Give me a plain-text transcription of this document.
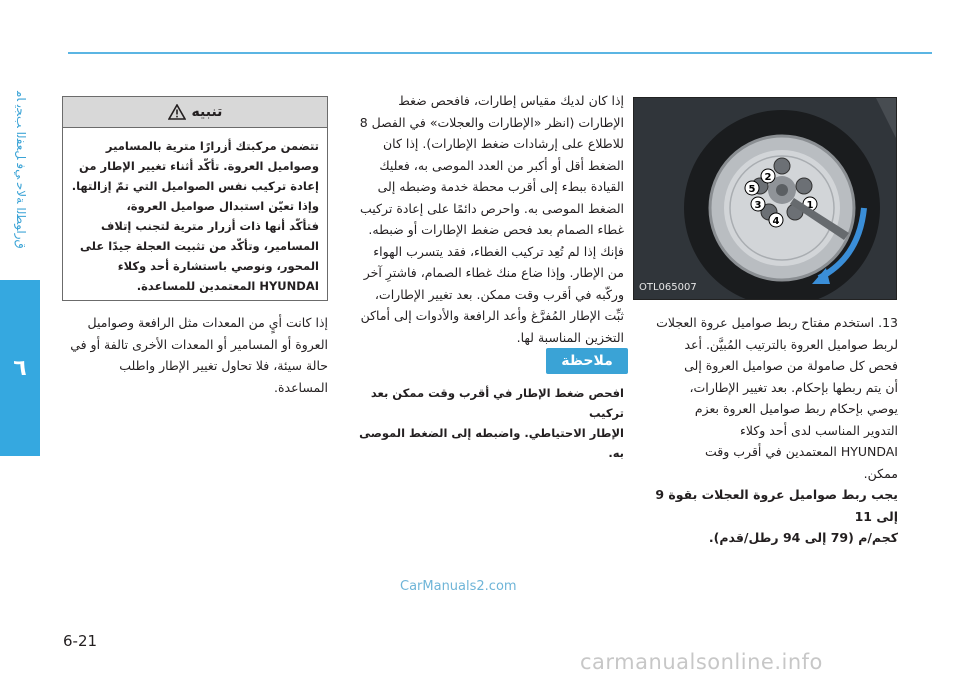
ﻕﺭﺍﻮﻄﻟﺍ ﺔﻟﺎﺣ ﻲﻓ ﻞﻌﻔﻟﺍ ﺐﺠﻳ ﺎﻣ
٦
2
5
3
4
1
OTL065007

13. ﺍﺳﺘﺨﺪﻡ ﻣﻔﺘﺎﺡ ﺭﺑﻂ ﺻﻮﺍﻣﻴﻞ ﻋﺮﻭﺓ ﺍﻟﻌﺠﻼﺕ

ﻟﺮﺑﻂ ﺻﻮﺍﻣﻴﻞ ﺍﻟﻌﺮﻭﺓ ﺑﺎﻟﺘﺮﺗﻴﺐ ﺍﻟﻤُﺒﻴَّﻦ. ﺃﻋﺪ

ﻓﺤﺺ ﻛﻞ ﺻﺎﻣﻮﻟﺔ ﻣﻦ ﺻﻮﺍﻣﻴﻞ ﺍﻟﻌﺮﻭﺓ ﺇﻟﻰ

ﺃﻥ ﻳﺘﻢ ﺭﺑﻄﻬﺎ ﺑﺈﺣﻜﺎﻡ. ﺑﻌﺪ ﺗﻐﻴﻴﺮ ﺍﻹﻃﺎﺭﺍﺕ،

ﻳﻮﺻﻲ ﺑﺈﺣﻜﺎﻡ ﺭﺑﻂ ﺻﻮﺍﻣﻴﻞ ﺍﻟﻌﺮﻭﺓ ﺑﻌﺰﻡ

ﺍﻟﺘﺪﻭﻳﺮ ﺍﻟﻤﻨﺎﺳﺐ ﻟﺪﻯ ﺃﺣﺪ ﻭﻛﻼﺀ

HYUNDAI ﺍﻟﻤﻌﺘﻤﺪﻳﻦ ﻓﻲ ﺃﻗﺮﺏ ﻭﻗﺖ

ﻣﻤﻜﻦ.

ﻳﺠﺐ ﺭﺑﻂ ﺻﻮﺍﻣﻴﻞ ﻋﺮﻭﺓ ﺍﻟﻌﺠﻼﺕ ﺑﻘﻮﺓ 9 ﺇﻟﻰ 11

ﻛﺠﻢ/ﻡ (79 ﺇﻟﻰ 94 ﺭﻃﻞ/ﻗﺪﻡ).

ﺇﺫﺍ ﻛﺎﻥ ﻟﺪﻳﻚ ﻣﻘﻴﺎﺱ ﺇﻃﺎﺭﺍﺕ، ﻓﺎﻓﺤﺺ ﺿﻐﻂ

ﺍﻹﻃﺎﺭﺍﺕ (ﺍﻧﻈﺮ «ﺍﻹﻃﺎﺭﺍﺕ ﻭﺍﻟﻌﺠﻼﺕ» ﻓﻲ ﺍﻟﻔﺼﻞ 8

ﻟﻼﻃﻼﻉ ﻋﻠﻰ ﺇﺭﺷﺎﺩﺍﺕ ﺿﻐﻂ ﺍﻹﻃﺎﺭﺍﺕ). ﺇﺫﺍ ﻛﺎﻥ

ﺍﻟﻀﻐﻂ ﺃﻗﻞ ﺃﻭ ﺃﻛﺒﺮ ﻣﻦ ﺍﻟﻌﺪﺩ ﺍﻟﻤﻮﺻﻰ ﺑﻪ، ﻓﻌﻠﻴﻚ

ﺍﻟﻘﻴﺎﺩﺓ ﺑﺒﻂﺀ ﺇﻟﻰ ﺃﻗﺮﺏ ﻣﺤﻄﺔ ﺧﺪﻣﺔ ﻭﺿﺒﻄﻪ ﺇﻟﻰ

ﺍﻟﻀﻐﻂ ﺍﻟﻤﻮﺻﻰ ﺑﻪ. ﻭﺍﺣﺮﺹ ﺩﺍﺋﻤًﺎ ﻋﻠﻰ ﺇﻋﺎﺩﺓ ﺗﺮﻛﻴﺐ

ﻏﻄﺎﺀ ﺍﻟﺼﻤﺎﻡ ﺑﻌﺪ ﻓﺤﺺ ﺿﻐﻂ ﺍﻹﻃﺎﺭﺍﺕ ﺃﻭ ﺿﺒﻄﻪ.

ﻓﺈﻧﻚ ﺇﺫﺍ ﻟﻢ ﺗُﻌِﺪ ﺗﺮﻛﻴﺐ ﺍﻟﻐﻄﺎﺀ، ﻓﻘﺪ ﻳﺘﺴﺮﺏ ﺍﻟﻬﻮﺍﺀ

ﻣﻦ ﺍﻹﻃﺎﺭ. ﻭﺇﺫﺍ ﺿﺎﻉ ﻣﻨﻚ ﻏﻄﺎﺀ ﺍﻟﺼﻤﺎﻡ، ﻓﺎﺷﺘﺮِ ﺁﺧﺮ

ﻭﺭﻛّﺒﻪ ﻓﻲ ﺃﻗﺮﺏ ﻭﻗﺖ ﻣﻤﻜﻦ. ﺑﻌﺪ ﺗﻐﻴﻴﺮ ﺍﻹﻃﺎﺭﺍﺕ،

ﺛﺒِّﺖ ﺍﻹﻃﺎﺭ ﺍﻟﻤُﻔﺮَّﻍ ﻭﺃﻋﺪ ﺍﻟﺮﺍﻓﻌﺔ ﻭﺍﻷﺩﻭﺍﺕ ﺇﻟﻰ ﺃﻣﺎﻛﻦ

ﺍﻟﺘﺨﺰﻳﻦ ﺍﻟﻤﻨﺎﺳﺒﺔ ﻟﻬﺎ.

ﻣﻼﺣﻈﺔ

ﺍﻓﺤﺺ ﺿﻐﻂ ﺍﻹﻃﺎﺭ ﻓﻲ ﺃﻗﺮﺏ ﻭﻗﺖ ﻣﻤﻜﻦ ﺑﻌﺪ ﺗﺮﻛﻴﺐ

ﺍﻹﻃﺎﺭ ﺍﻻﺣﺘﻴﺎﻃﻲ. ﻭﺍﺿﺒﻄﻪ ﺇﻟﻰ ﺍﻟﻀﻐﻂ ﺍﻟﻤﻮﺻﻰ ﺑﻪ.

ﺗﻨﺒﻴﻪ

ﺗﺘﻀﻤﻦ ﻣﺮﻛﺒﺘﻚ ﺃﺯﺭﺍﺭًﺍ ﻣﺘﺮﻳﺔ ﺑﺎﻟﻤﺴﺎﻣﻴﺮ

ﻭﺻﻮﺍﻣﻴﻞ ﺍﻟﻌﺮﻭﺓ. ﺗﺄﻛّﺪ ﺃﺛﻨﺎﺀ ﺗﻐﻴﻴﺮ ﺍﻹﻃﺎﺭ ﻣﻦ

ﺇﻋﺎﺩﺓ ﺗﺮﻛﻴﺐ ﻧﻔﺲ ﺍﻟﺼﻮﺍﻣﻴﻞ ﺍﻟﺘﻲ ﺗﻢّ ﺇﺯﺍﻟﺘﻬﺎ.

ﻭﺇﺫﺍ ﺗﻌﻴّﻦ ﺍﺳﺘﺒﺪﺍﻝ ﺻﻮﺍﻣﻴﻞ ﺍﻟﻌﺮﻭﺓ،

ﻓﺘﺄﻛّﺪ ﺃﻧﻬﺎ ﺫﺍﺕ ﺃﺯﺭﺍﺭ ﻣﺘﺮﻳﺔ ﻟﺘﺠﻨﺐ ﺇﺗﻼﻑ

ﺍﻟﻤﺴﺎﻣﻴﺮ، ﻭﺗﺄﻛّﺪ ﻣﻦ ﺗﺜﺒﻴﺖ ﺍﻟﻌﺠﻠﺔ ﺟﻴﺪًﺍ ﻋﻠﻰ

ﺍﻟﻤﺤﻮﺭ، ﻭﻧﻮﺻﻲ ﺑﺎﺳﺘﺸﺎﺭﺓ ﺃﺣﺪ ﻭﻛﻼﺀ

HYUNDAI ﺍﻟﻤﻌﺘﻤﺪﻳﻦ ﻟﻠﻤﺴﺎﻋﺪﺓ.

ﺇﺫﺍ ﻛﺎﻧﺖ ﺃﻱٍ ﻣﻦ ﺍﻟﻤﻌﺪﺍﺕ ﻣﺜﻞ ﺍﻟﺮﺍﻓﻌﺔ ﻭﺻﻮﺍﻣﻴﻞ

ﺍﻟﻌﺮﻭﺓ ﺃﻭ ﺍﻟﻤﺴﺎﻣﻴﺮ ﺃﻭ ﺍﻟﻤﻌﺪﺍﺕ ﺍﻷﺧﺮﻯ ﺗﺎﻟﻔﺔ ﺃﻭ ﻓﻲ

ﺣﺎﻟﺔ ﺳﻴﺌﺔ، ﻓﻼ ﺗﺤﺎﻭﻝ ﺗﻐﻴﻴﺮ ﺍﻹﻃﺎﺭ ﻭﺍﻃﻠﺐ ﺍﻟﻤﺴﺎﻋﺪﺓ.

CarManuals2.com
6-21
carmanualsonline.info
